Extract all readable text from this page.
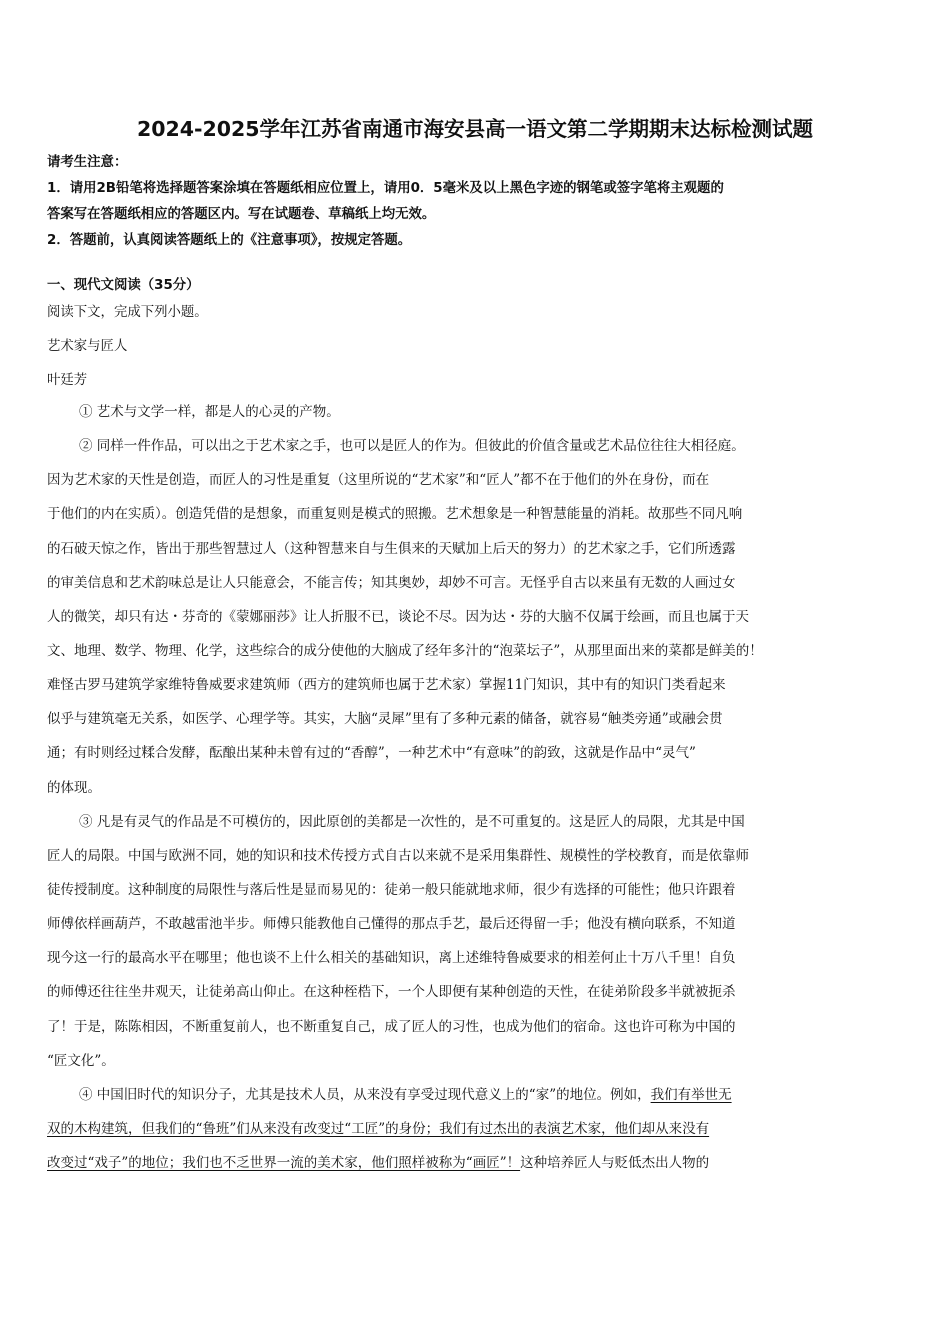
2024-2025学年江苏省南通市海安县高一语文第二学期期末达标检测试题
请考生注意：
1．请用2B铅笔将选择题答案涂填在答题纸相应位置上，请用0．5毫米及以上黑色字迹的钢笔或签字笔将主观题的
答案写在答题纸相应的答题区内。写在试题卷、草稿纸上均无效。
2．答题前，认真阅读答题纸上的《注意事项》，按规定答题。
一、现代文阅读（35分）
阅读下文，完成下列小题。
艺术家与匠人
叶廷芳
① 艺术与文学一样，都是人的心灵的产物。
② 同样一件作品，可以出之于艺术家之手，也可以是匠人的作为。但彼此的价值含量或艺术品位往往大相径庭。
因为艺术家的天性是创造，而匠人的习性是重复（这里所说的“艺术家”和“匠人”都不在于他们的外在身份，而在
于他们的内在实质）。创造凭借的是想象，而重复则是模式的照搬。艺术想象是一种智慧能量的消耗。故那些不同凡响
的石破天惊之作，皆出于那些智慧过人（这种智慧来自与生俱来的天赋加上后天的努力）的艺术家之手，它们所透露
的审美信息和艺术韵味总是让人只能意会，不能言传；知其奥妙，却妙不可言。无怪乎自古以来虽有无数的人画过女
人的微笑，却只有达・芬奇的《蒙娜丽莎》让人折服不已，谈论不尽。因为达・芬的大脑不仅属于绘画，而且也属于天
文、地理、数学、物理、化学，这些综合的成分使他的大脑成了经年多汁的“泡菜坛子”，从那里面出来的菜都是鲜美的！
难怪古罗马建筑学家维特鲁威要求建筑师（西方的建筑师也属于艺术家）掌握11门知识，其中有的知识门类看起来
似乎与建筑毫无关系，如医学、心理学等。其实，大脑“灵犀”里有了多种元素的储备，就容易“触类旁通”或融会贯
通；有时则经过糅合发酵，酝酿出某种未曾有过的“香醇”，一种艺术中“有意味”的韵致，这就是作品中“灵气”
的体现。
③ 凡是有灵气的作品是不可模仿的，因此原创的美都是一次性的，是不可重复的。这是匠人的局限，尤其是中国
匠人的局限。中国与欧洲不同，她的知识和技术传授方式自古以来就不是采用集群性、规模性的学校教育，而是依靠师
徒传授制度。这种制度的局限性与落后性是显而易见的：徒弟一般只能就地求师，很少有选择的可能性；他只许跟着
师傅依样画葫芦，不敢越雷池半步。师傅只能教他自己懂得的那点手艺，最后还得留一手；他没有横向联系，不知道
现今这一行的最高水平在哪里；他也谈不上什么相关的基础知识，离上述维特鲁威要求的相差何止十万八千里！自负
的师傅还往往坐井观天，让徒弟高山仰止。在这种桎梏下，一个人即便有某种创造的天性，在徒弟阶段多半就被扼杀
了！于是，陈陈相因，不断重复前人，也不断重复自己，成了匠人的习性，也成为他们的宿命。这也许可称为中国的
“匠文化”。
④ 中国旧时代的知识分子，尤其是技术人员，从来没有享受过现代意义上的“家”的地位。例如，我们有举世无
双的木构建筑，但我们的“鲁班”们从来没有改变过“工匠”的身份；我们有过杰出的表演艺术家，他们却从来没有
改变过“戏子”的地位；我们也不乏世界一流的美术家，他们照样被称为“画匠”！这种培养匠人与贬低杰出人物的
